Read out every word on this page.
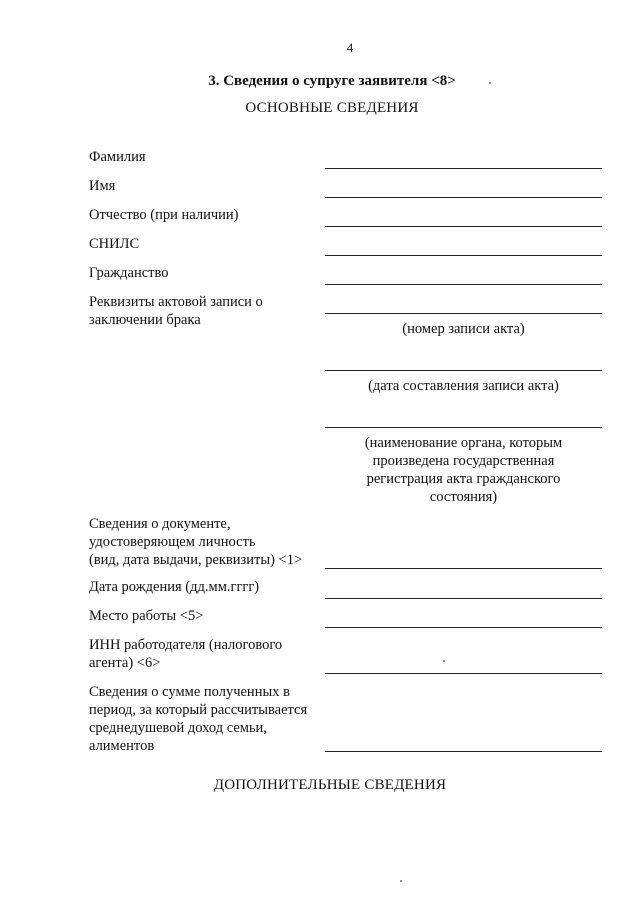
4
3. Сведения о супруге заявителя <8>
ОСНОВНЫЕ СВЕДЕНИЯ
Фамилия
Имя
Отчество (при наличии)
СНИЛС
Гражданство
Реквизиты актовой записи о
заключении брака
Сведения о документе,
удостоверяющем личность
(вид, дата выдачи, реквизиты) <1>
Дата рождения (дд.мм.гггг)
Место работы <5>
ИНН работодателя (налогового
агента) <6>
Сведения о сумме полученных в
период, за который рассчитывается
среднедушевой доход семьи,
алиментов
(номер записи акта)
(дата составления записи акта)
(наименование органа, которым
произведена государственная
регистрация акта гражданского
состояния)
ДОПОЛНИТЕЛЬНЫЕ СВЕДЕНИЯ
